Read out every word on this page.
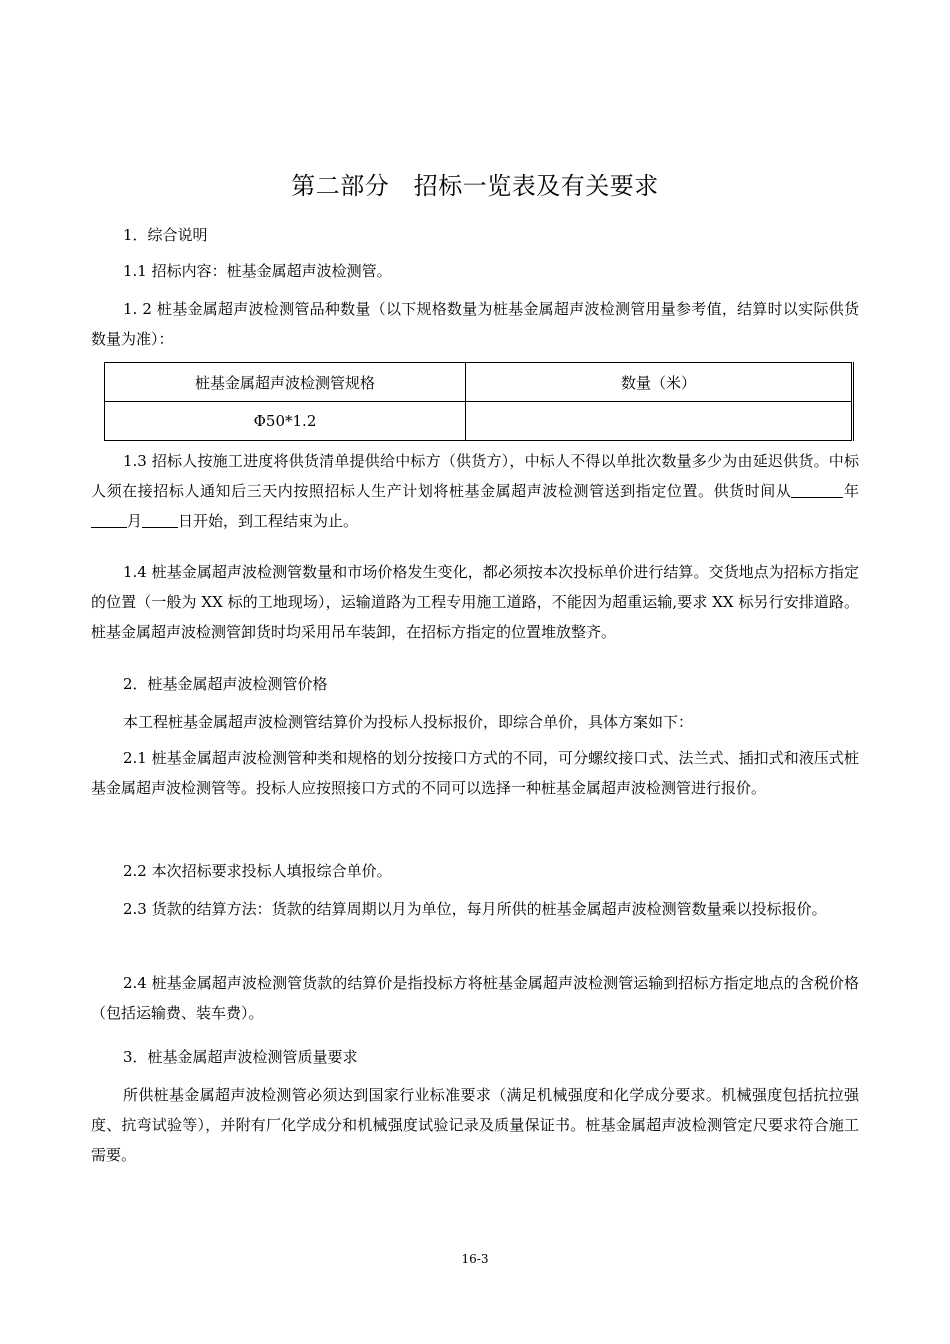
第二部分　招标一览表及有关要求

1．综合说明

1.1 招标内容：桩基金属超声波检测管。

1. 2 桩基金属超声波检测管品种数量（以下规格数量为桩基金属超声波检测管用量参考值，结算时以实际供货数量为准）：

桩基金属超声波检测管规格	数量（米）
Φ50*1.2	

1.3 招标人按施工进度将供货清单提供给中标方（供货方），中标人不得以单批次数量多少为由延迟供货。中标人须在接招标人通知后三天内按照招标人生产计划将桩基金属超声波检测管送到指定位置。供货时间从	年月 日开始，到工程结束为止。

1.4 桩基金属超声波检测管数量和市场价格发生变化，都必须按本次投标单价进行结算。交货地点为招标方指定的位置（一般为 XX 标的工地现场），运输道路为工程专用施工道路，不能因为超重运输,要求 XX 标另行安排道路。桩基金属超声波检测管卸货时均采用吊车装卸，在招标方指定的位置堆放整齐。

2．桩基金属超声波检测管价格

本工程桩基金属超声波检测管结算价为投标人投标报价，即综合单价，具体方案如下：

2.1 桩基金属超声波检测管种类和规格的划分按接口方式的不同，可分螺纹接口式、法兰式、插扣式和液压式桩基金属超声波检测管等。投标人应按照接口方式的不同可以选择一种桩基金属超声波检测管进行报价。

2.2 本次招标要求投标人填报综合单价。

2.3 货款的结算方法：货款的结算周期以月为单位，每月所供的桩基金属超声波检测管数量乘以投标报价。

2.4 桩基金属超声波检测管货款的结算价是指投标方将桩基金属超声波检测管运输到招标方指定地点的含税价格（包括运输费、装车费）。

3．桩基金属超声波检测管质量要求

所供桩基金属超声波检测管必须达到国家行业标准要求（满足机械强度和化学成分要求。机械强度包括抗拉强度、抗弯试验等），并附有厂化学成分和机械强度试验记录及质量保证书。桩基金属超声波检测管定尺要求符合施工需要。

16-3
